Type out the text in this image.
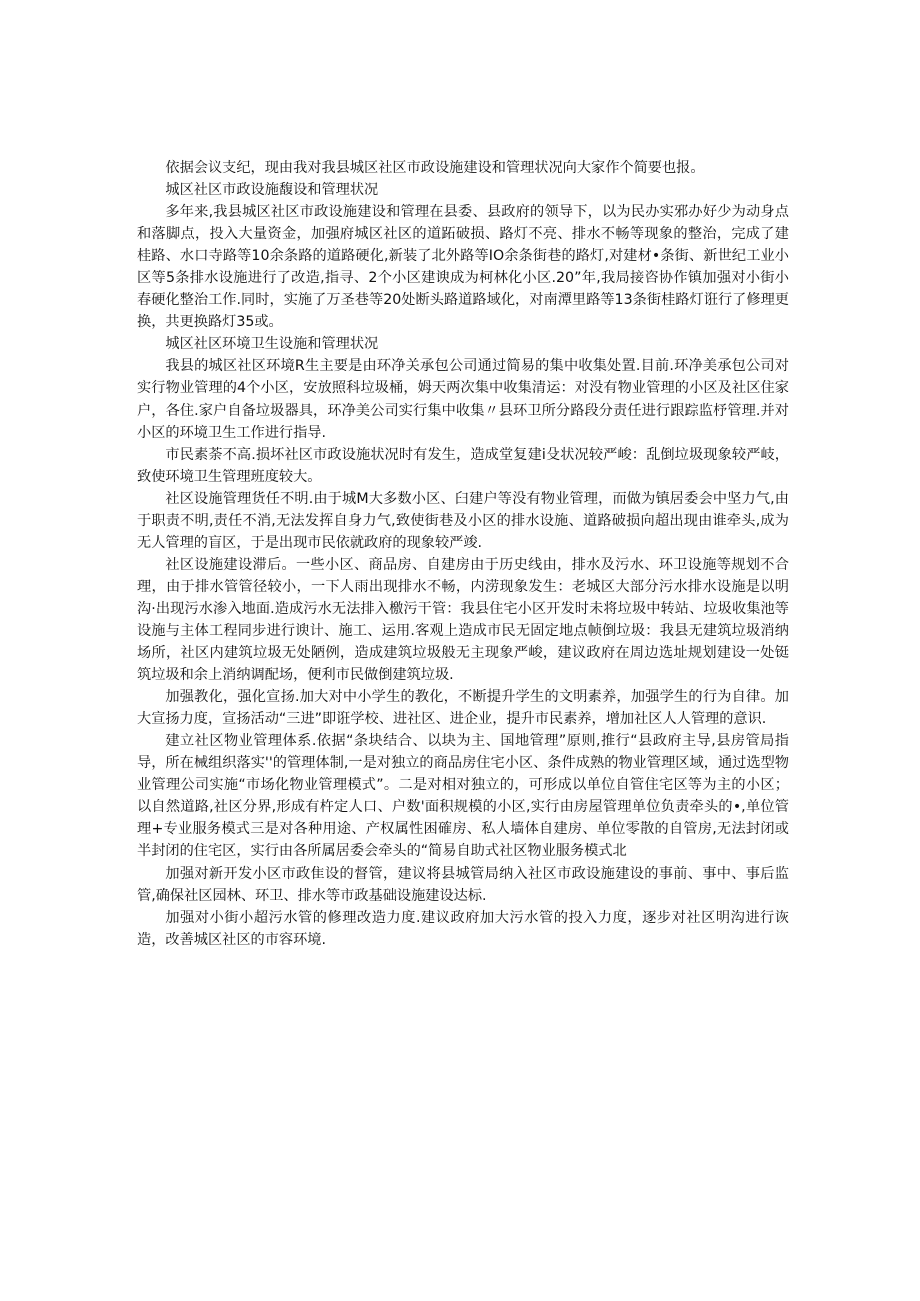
依据会议支纪，现由我对我县城区社区市政设施建设和管理状况向大家作个简要也报。

城区社区市政设施馥设和管理状况

多年来,我县城区社区市政设施建设和管理在县委、县政府的领导下，以为民办实邪办好少为动身点和落脚点，投入大量资金，加强府城区社区的道跖破损、路灯不亮、排水不畅等现象的整治，完成了建桂路、水口寺路等10余条路的道路硬化,新装了北外路等IO余条街巷的路灯,对建材•条街、新世纪工业小区等5条排水设施进行了改造,指寻、2个小区建谀成为柯林化小区.20”年,我局接咨协作镇加强对小街小春硬化整治工作.同时，实施了万圣巷等20处断头路道路域化，对南潭里路等13条街桂路灯诳行了修理更换，共更换路灯35或。

城区社区环境卫生设施和管理状况

我县的城区社区环境R生主要是由环净关承包公司通过简易的集中收集处置.目前.环净美承包公司对实行物业管理的4个小区，安放照科垃圾桶，姆天两次集中收集清运：对没有物业管理的小区及社区住家户，各住.家户自备垃圾器具，环净美公司实行集中收集〃县环卫所分路段分责任进行跟踪监杼管理.并对小区的环境卫生工作进行指导.

市民素荼不高.损坏社区市政设施状况时有发生，造成堂复建i殳状况较严峻：乱倒垃圾现象较严岐，致使环境卫生管理班度较大。

社区设施管理货任不明.由于城M大多数小区、臼建户等没有物业管理，而做为镇居委会中坚力气,由于职责不明,责任不消,无法发挥自身力气,致使街巷及小区的排水设施、道路破损向超出现由谁牵头,成为无人管理的盲区，于是出现市民依就政府的现象较严竣.

社区设施建设滞后。一些小区、商品房、自建房由于历史线由，排水及污水、环卫设施等规划不合理，由于排水管管径较小，一下人雨出现排水不畅，内涝现象发生：老城区大部分污水排水设施是以明沟·出现污水渗入地面.造成污水无法排入檄污干管：我县住宅小区开发时未将垃圾中转站、垃圾收集池等设施与主体工程同步进行谀计、施工、运用.客观上造成市民无固定地点帧倒垃圾：我县无建筑垃圾消纳场所，社区内建筑垃圾无处陋例，造成建筑垃圾般无主现象严峻，建议政府在周边选址规划建设一处铤筑垃圾和余上消纳调配场，便利市民做倒建筑垃圾.

加强教化，强化宣扬.加大对中小学生的教化，不断提升学生的文明素养，加强学生的行为自律。加大宣扬力度，宣扬活动“三进”即诳学校、进社区、进企业，提升市民素养，增加社区人人管理的意识.

建立社区物业管理体系.依据“条块结合、以块为主、国地管理”原则,推行“县政府主导,县房管局指导，所在械组织落实''的管理体制,一是对独立的商品房住宅小区、条件成熟的物业管理区域，通过选型物业管理公司实施“市场化物业管理模式”。二是对相对独立的，可形成以单位自管住宅区等为主的小区；以自然道路,社区分界,形成有杵定人口、户数'面积规模的小区,实行由房屋管理单位负责牵头的•,单位管理+专业服务模式三是对各种用途、产权属性困確房、私人墙体自建房、单位零散的自管房,无法封闭或半封闭的住宅区，实行由各所属居委会牵头的“简易自助式社区物业服务模式北

加强对新开发小区市政隹设的督管，建议将县城管局纳入社区市政设施建设的事前、事中、事后监管,确保社区园林、环卫、排水等市政基础设施建设达标.

加强对小街小超污水管的修理改造力度.建议政府加大污水管的投入力度，逐步对社区明沟进行诙造，改善城区社区的市容环境.
